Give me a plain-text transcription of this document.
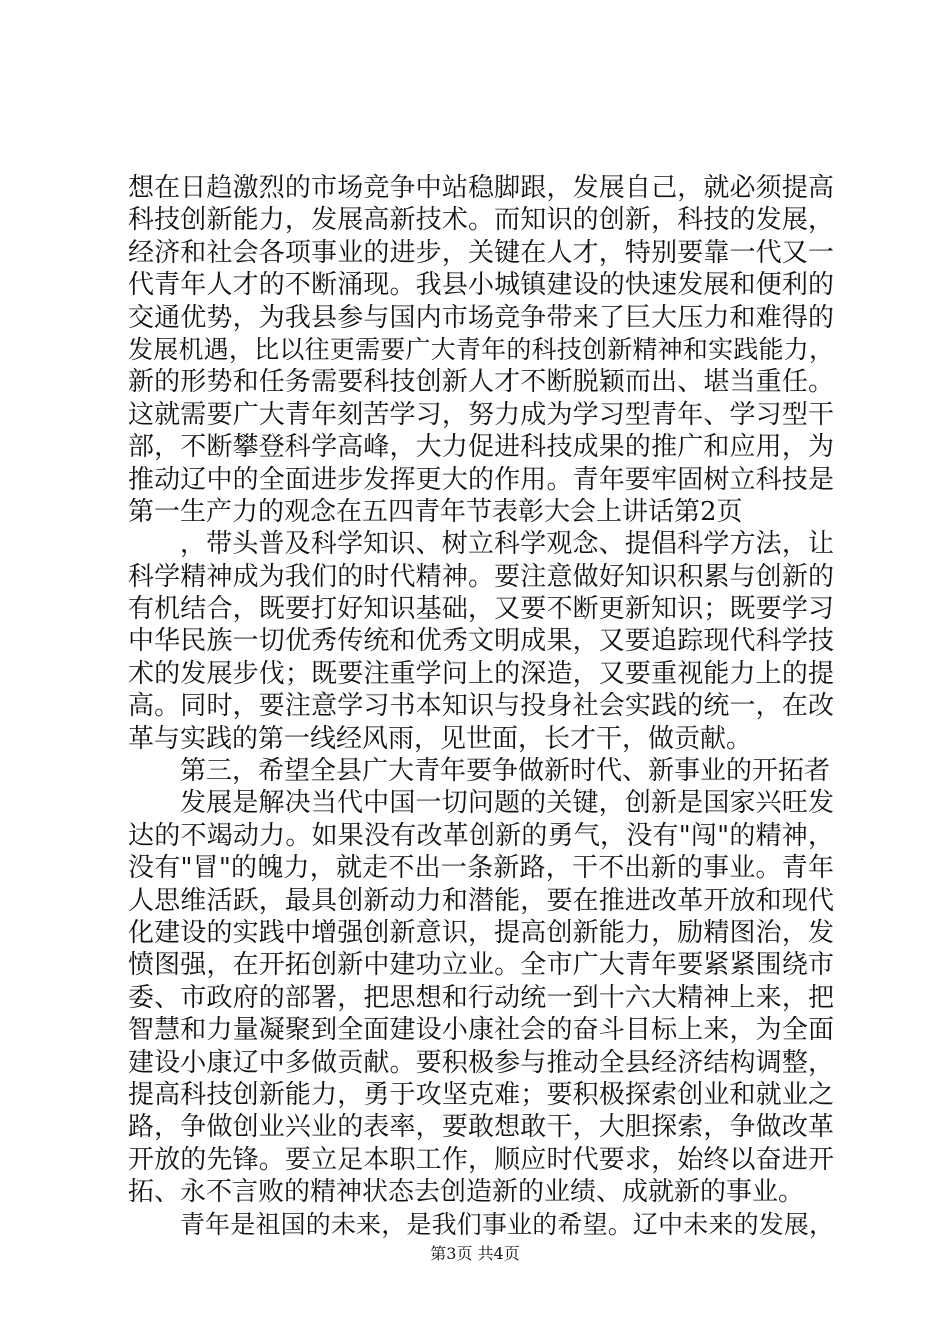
想在日趋激烈的市场竞争中站稳脚跟，发展自己，就必须提高
科技创新能力，发展高新技术。而知识的创新，科技的发展，
经济和社会各项事业的进步，关键在人才，特别要靠一代又一
代青年人才的不断涌现。我县小城镇建设的快速发展和便利的
交通优势，为我县参与国内市场竞争带来了巨大压力和难得的
发展机遇，比以往更需要广大青年的科技创新精神和实践能力，
新的形势和任务需要科技创新人才不断脱颖而出、堪当重任。
这就需要广大青年刻苦学习，努力成为学习型青年、学习型干
部，不断攀登科学高峰，大力促进科技成果的推广和应用，为
推动辽中的全面进步发挥更大的作用。青年要牢固树立科技是
第一生产力的观念在五四青年节表彰大会上讲话第2页
，带头普及科学知识、树立科学观念、提倡科学方法，让
科学精神成为我们的时代精神。要注意做好知识积累与创新的
有机结合，既要打好知识基础，又要不断更新知识；既要学习
中华民族一切优秀传统和优秀文明成果，又要追踪现代科学技
术的发展步伐；既要注重学问上的深造，又要重视能力上的提
高。同时，要注意学习书本知识与投身社会实践的统一，在改
革与实践的第一线经风雨，见世面，长才干，做贡献。
第三，希望全县广大青年要争做新时代、新事业的开拓者
发展是解决当代中国一切问题的关键，创新是国家兴旺发
达的不竭动力。如果没有改革创新的勇气，没有"闯"的精神，
没有"冒"的魄力，就走不出一条新路，干不出新的事业。青年
人思维活跃，最具创新动力和潜能，要在推进改革开放和现代
化建设的实践中增强创新意识，提高创新能力，励精图治，发
愤图强，在开拓创新中建功立业。全市广大青年要紧紧围绕市
委、市政府的部署，把思想和行动统一到十六大精神上来，把
智慧和力量凝聚到全面建设小康社会的奋斗目标上来，为全面
建设小康辽中多做贡献。要积极参与推动全县经济结构调整，
提高科技创新能力，勇于攻坚克难；要积极探索创业和就业之
路，争做创业兴业的表率，要敢想敢干，大胆探索，争做改革
开放的先锋。要立足本职工作，顺应时代要求，始终以奋进开
拓、永不言败的精神状态去创造新的业绩、成就新的事业。
青年是祖国的未来，是我们事业的希望。辽中未来的发展，
第3页 共4页
